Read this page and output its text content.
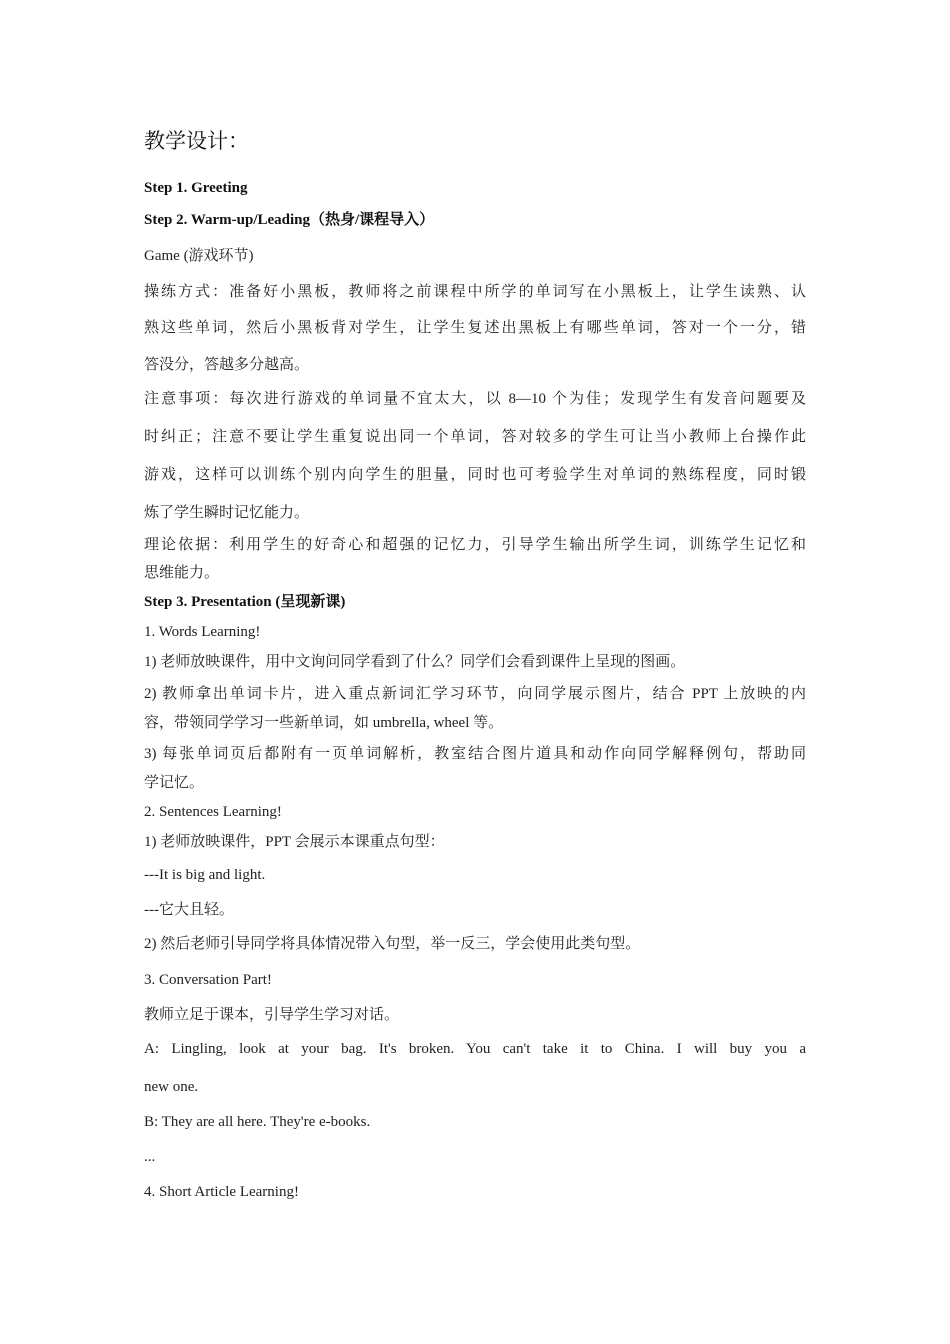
教学设计：

Step 1. Greeting

Step 2. Warm-up/Leading（热身/课程导入）

Game (游戏环节)

操练方式：准备好小黑板，教师将之前课程中所学的单词写在小黑板上，让学生读熟、认

熟这些单词，然后小黑板背对学生，让学生复述出黑板上有哪些单词，答对一个一分，错

答没分，答越多分越高。

注意事项：每次进行游戏的单词量不宜太大，以 8—10 个为佳；发现学生有发音问题要及

时纠正；注意不要让学生重复说出同一个单词，答对较多的学生可让当小教师上台操作此

游戏，这样可以训练个别内向学生的胆量，同时也可考验学生对单词的熟练程度，同时锻

炼了学生瞬时记忆能力。

理论依据：利用学生的好奇心和超强的记忆力，引导学生输出所学生词，训练学生记忆和

思维能力。

Step 3. Presentation (呈现新课)

1. Words Learning!

1) 老师放映课件，用中文询问同学看到了什么？同学们会看到课件上呈现的图画。

2) 教师拿出单词卡片，进入重点新词汇学习环节，向同学展示图片，结合 PPT 上放映的内

容，带领同学学习一些新单词，如 umbrella, wheel 等。

3) 每张单词页后都附有一页单词解析，教室结合图片道具和动作向同学解释例句，帮助同

学记忆。

2. Sentences Learning!

1) 老师放映课件，PPT 会展示本课重点句型：

---It is big and light.

---它大且轻。

2) 然后老师引导同学将具体情况带入句型，举一反三，学会使用此类句型。

3. Conversation Part!

教师立足于课本，引导学生学习对话。

A: Lingling, look at your bag. It's broken. You can't take it to China. I will buy you a

new one.

B: They are all here. They're e-books.

...

4. Short Article Learning!
